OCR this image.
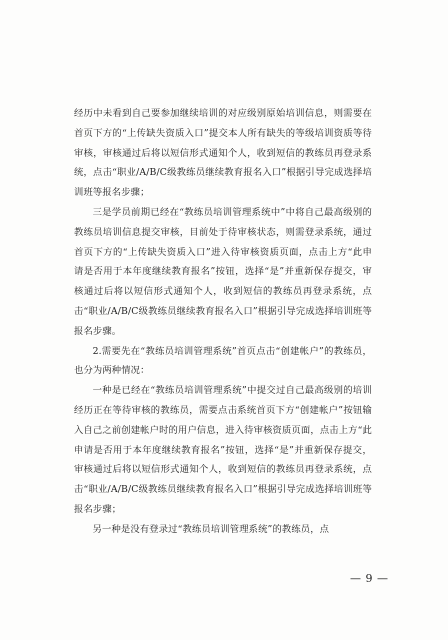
经历中未看到自己要参加继续培训的对应级别原始培训信息，则需要在首页下方的“上传缺失资质入口”提交本人所有缺失的等级培训资质等待审核，审核通过后将以短信形式通知个人，收到短信的教练员再登录系统，点击“职业/A/B/C级教练员继续教育报名入口”根据引导完成选择培训班等报名步骤；

三是学员前期已经在“教练员培训管理系统中”中将自己最高级别的教练员培训信息提交审核，目前处于待审核状态，则需登录系统，通过首页下方的“上传缺失资质入口”进入待审核资质页面，点击上方“此申请是否用于本年度继续教育报名”按钮，选择“是”并重新保存提交，审核通过后将以短信形式通知个人，收到短信的教练员再登录系统，点击“职业/A/B/C级教练员继续教育报名入口”根据引导完成选择培训班等报名步骤。

2.需要先在“教练员培训管理系统”首页点击“创建帐户”的教练员，也分为两种情况：

一种是已经在“教练员培训管理系统”中提交过自己最高级别的培训经历正在等待审核的教练员，需要点击系统首页下方“创建帐户”按钮输入自己之前创建帐户时的用户信息，进入待审核资质页面，点击上方“此申请是否用于本年度继续教育报名”按钮，选择“是”并重新保存提交，审核通过后将以短信形式通知个人，收到短信的教练员再登录系统，点击“职业/A/B/C级教练员继续教育报名入口”根据引导完成选择培训班等报名步骤；

另一种是没有登录过“教练员培训管理系统”的教练员，点

— 9 —
